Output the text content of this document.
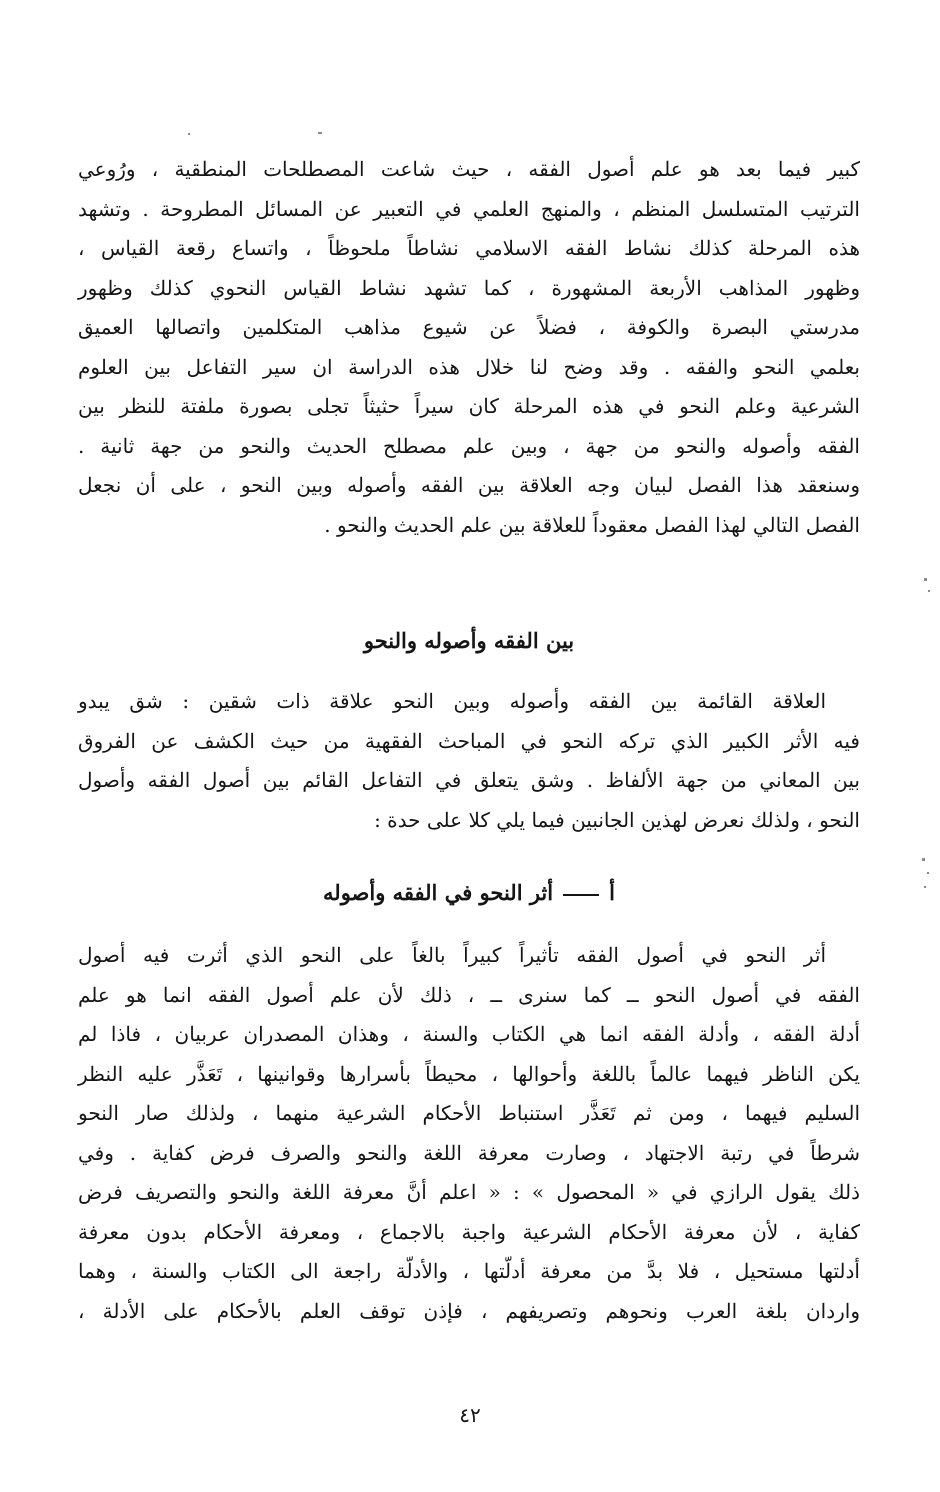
كبير فيما بعد هو علم أصول الفقه ، حيث شاعت المصطلحات المنطقية ، ورُوعي
الترتيب المتسلسل المنظم ، والمنهج العلمي في التعبير عن المسائل المطروحة . وتشهد
هذه المرحلة كذلك نشاط الفقه الاسلامي نشاطاً ملحوظاً ، واتساع رقعة القياس ،
وظهور المذاهب الأربعة المشهورة ، كما تشهد نشاط القياس النحوي كذلك وظهور
مدرستي البصرة والكوفة ، فضلاً عن شيوع مذاهب المتكلمين واتصالها العميق
بعلمي النحو والفقه . وقد وضح لنا خلال هذه الدراسة ان سير التفاعل بين العلوم
الشرعية وعلم النحو في هذه المرحلة كان سيراً حثيثاً تجلى بصورة ملفتة للنظر بين
الفقه وأصوله والنحو من جهة ، وبين علم مصطلح الحديث والنحو من جهة ثانية .
وسنعقد هذا الفصل لبيان وجه العلاقة بين الفقه وأصوله وبين النحو ، على أن نجعل
الفصل التالي لهذا الفصل معقوداً للعلاقة بين علم الحديث والنحو .
بين الفقه وأصوله والنحو
العلاقة القائمة بين الفقه وأصوله وبين النحو علاقة ذات شقين : شق يبدو
فيه الأثر الكبير الذي تركه النحو في المباحث الفقهية من حيث الكشف عن الفروق
بين المعاني من جهة الألفاظ . وشق يتعلق في التفاعل القائم بين أصول الفقه وأصول
النحو ، ولذلك نعرض لهذين الجانبين فيما يلي كلا على حدة :
أأثر النحو في الفقه وأصوله
أثر النحو في أصول الفقه تأثيراً كبيراً بالغاً على النحو الذي أثرت فيه أصول
الفقه في أصول النحو ــ كما سنرى ــ ، ذلك لأن علم أصول الفقه انما هو علم
أدلة الفقه ، وأدلة الفقه انما هي الكتاب والسنة ، وهذان المصدران عربيان ، فاذا لم
يكن الناظر فيهما عالماً باللغة وأحوالها ، محيطاً بأسرارها وقوانينها ، تَعَذَّر عليه النظر
السليم فيهما ، ومن ثم تَعَذَّر استنباط الأحكام الشرعية منهما ، ولذلك صار النحو
شرطاً في رتبة الاجتهاد ، وصارت معرفة اللغة والنحو والصرف فرض كفاية . وفي
ذلك يقول الرازي في « المحصول » : « اعلم أنَّ معرفة اللغة والنحو والتصريف فرض
كفاية ، لأن معرفة الأحكام الشرعية واجبة بالاجماع ، ومعرفة الأحكام بدون معرفة
أدلتها مستحيل ، فلا بدَّ من معرفة أدلّتها ، والأدلّة راجعة الى الكتاب والسنة ، وهما
واردان بلغة العرب ونحوهم وتصريفهم ، فإذن توقف العلم بالأحكام على الأدلة ،
٤٢
